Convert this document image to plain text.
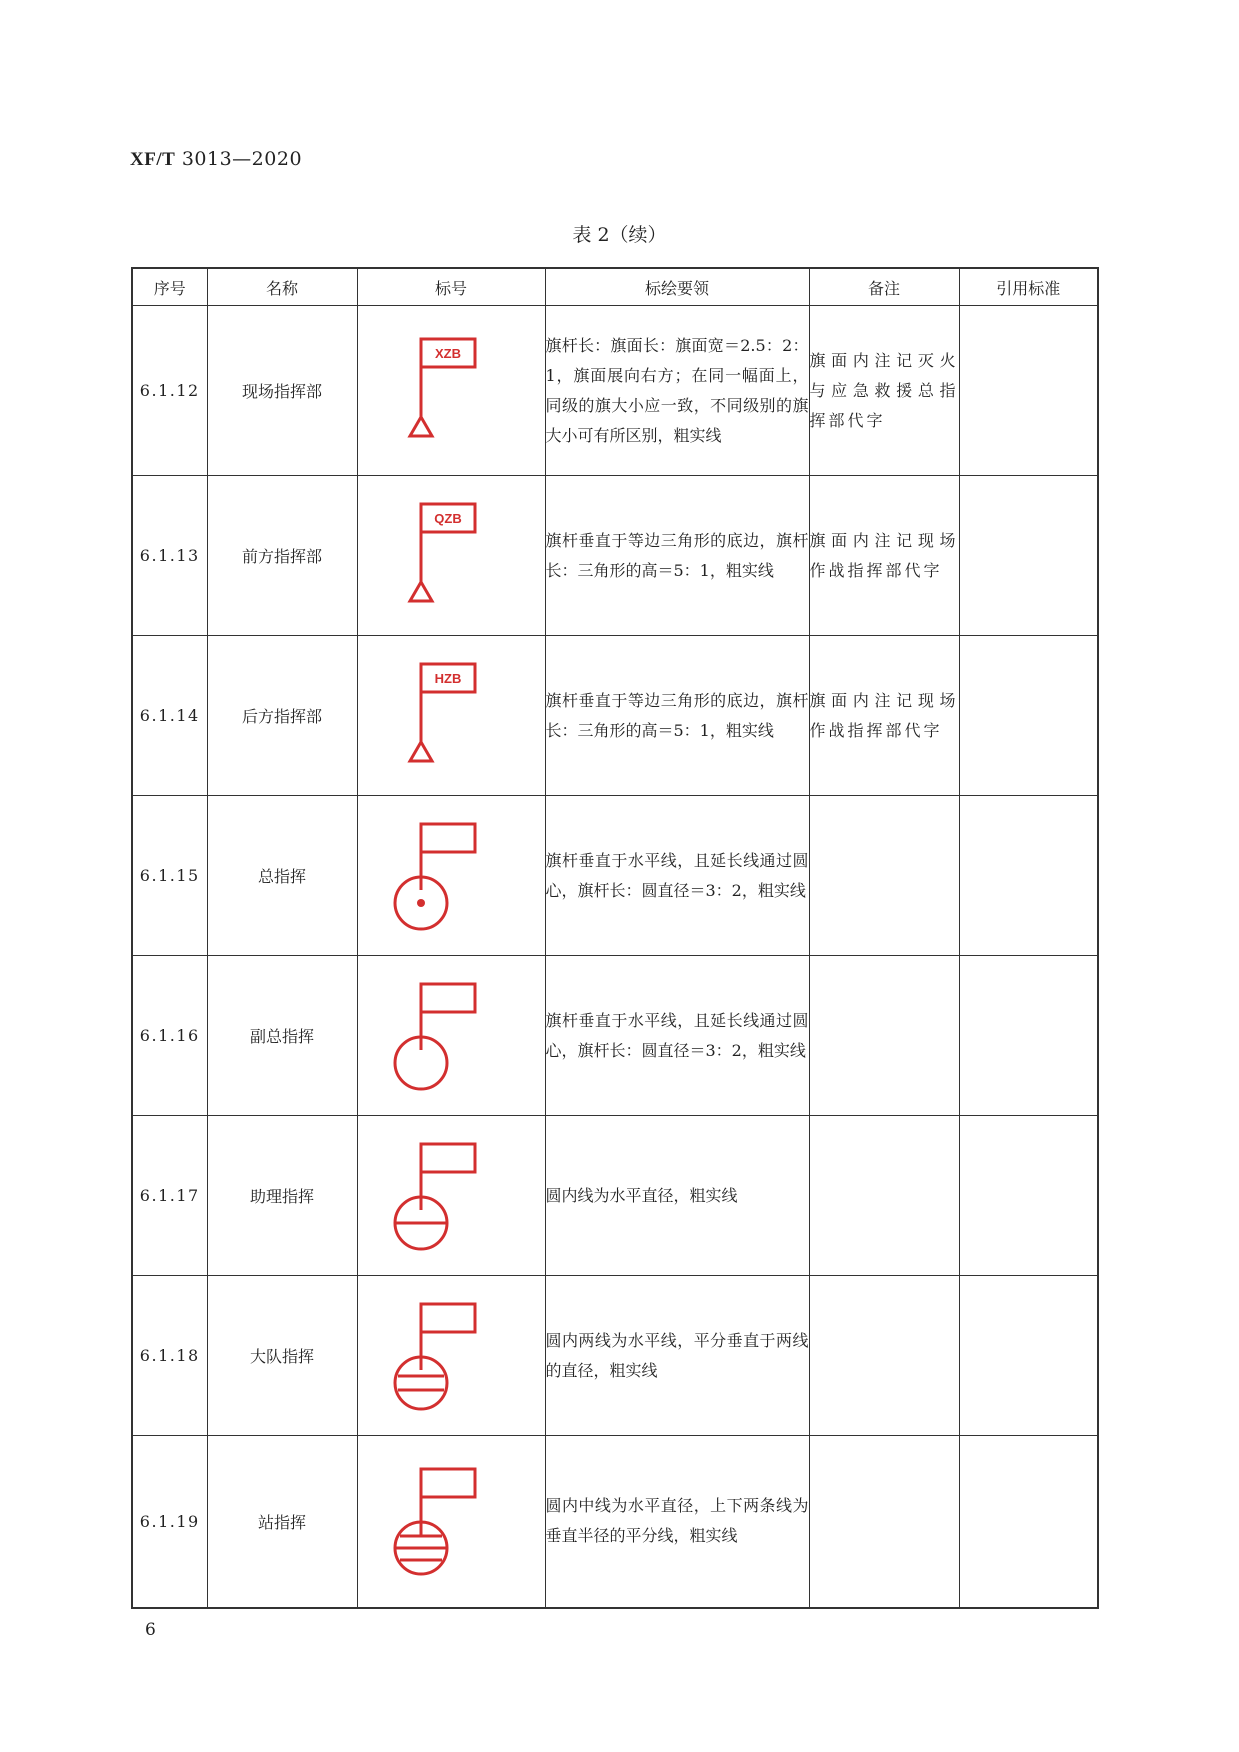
XF/T 3013—2020
表 2（续）
序号	名称	标号	标绘要领	备注	引用标准
6.1.12	现场指挥部	XZB	旗杆长：旗面长：旗面宽＝2.5：2：1，旗面展向右方；在同一幅面上，同级的旗大小应一致，不同级别的旗大小可有所区别，粗实线	旗面内注记灭火与应急救援总指挥部代字	
6.1.13	前方指挥部	QZB	旗杆垂直于等边三角形的底边，旗杆长：三角形的高＝5：1，粗实线	旗面内注记现场作战指挥部代字	
6.1.14	后方指挥部	HZB	旗杆垂直于等边三角形的底边，旗杆长：三角形的高＝5：1，粗实线	旗面内注记现场作战指挥部代字	
6.1.15	总指挥		旗杆垂直于水平线，且延长线通过圆心，旗杆长：圆直径＝3：2，粗实线		
6.1.16	副总指挥		旗杆垂直于水平线，且延长线通过圆心，旗杆长：圆直径＝3：2，粗实线		
6.1.17	助理指挥		圆内线为水平直径，粗实线		
6.1.18	大队指挥		圆内两线为水平线，平分垂直于两线的直径，粗实线		
6.1.19	站指挥		圆内中线为水平直径，上下两条线为垂直半径的平分线，粗实线		
6
